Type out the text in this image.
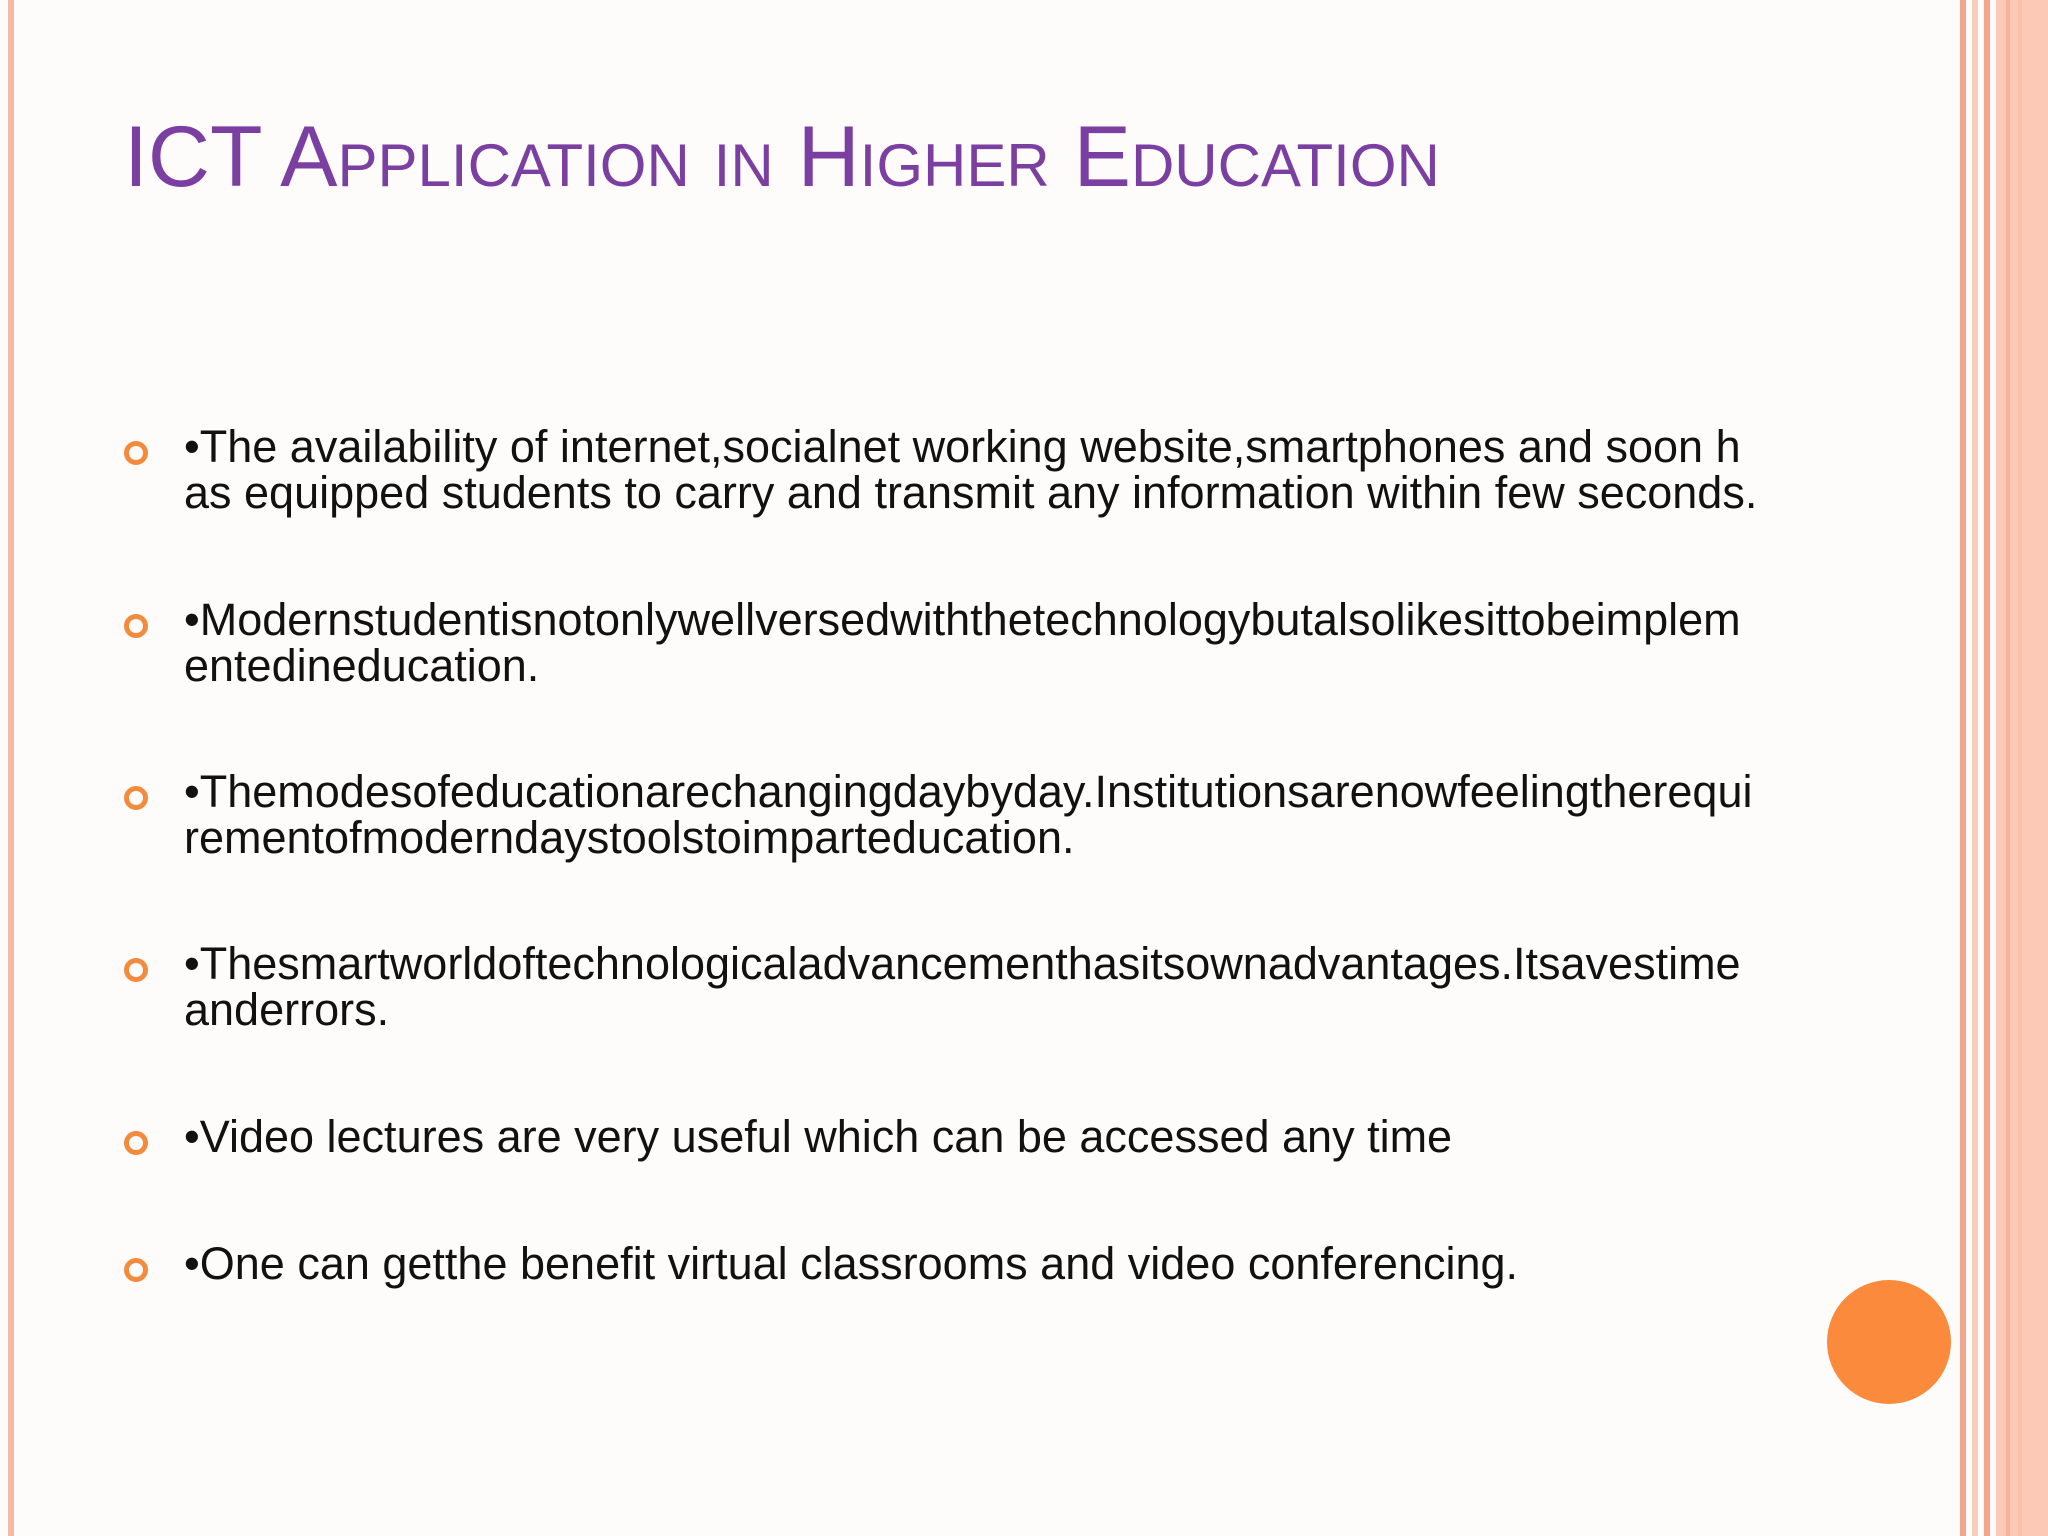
ICT Application in Higher Education
•The availability of internet,socialnet working website,smartphones and soon has equipped students to carry and transmit any information within few seconds.
•Modernstudentisnotonlywellversedwiththetechnologybutalsolikesittobeimplementedineducation.
•Themodesofeducationarechangingdaybyday.Institutionsarenowfeelingtherequirementofmoderndaystoolstoimparteducation.
•Thesmartworldoftechnologicaladvancementhasitsownadvantages.Itsavestimeanderrors.
•Video lectures are very useful which can be accessed any time
•One can getthe benefit virtual classrooms and video conferencing.
